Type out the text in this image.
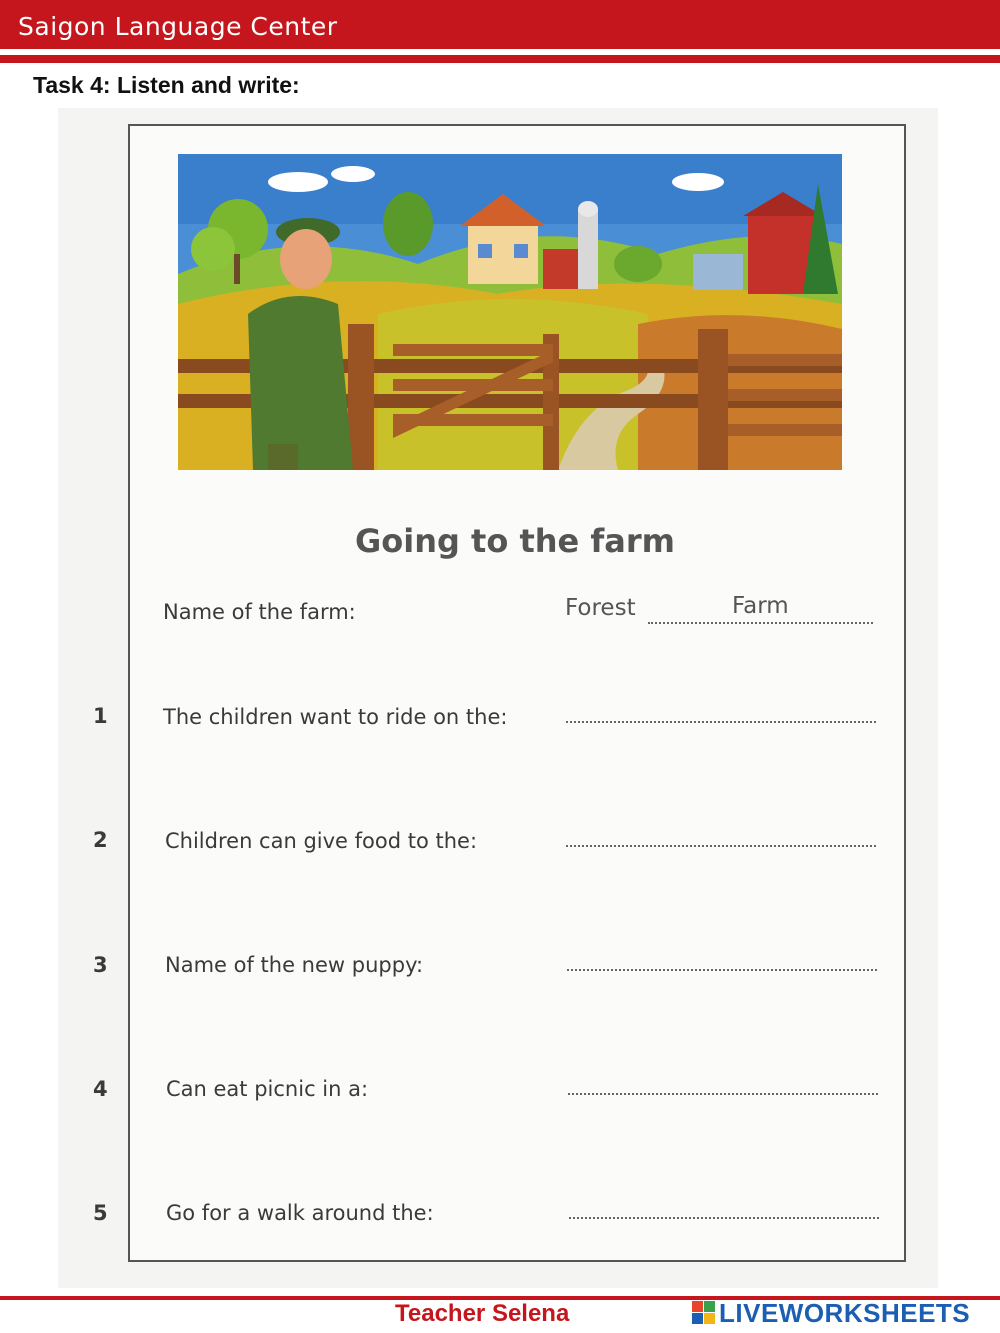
Saigon Language Center
Task 4: Listen and write:
Going to the farm
Name of the farm:	Forest	Farm
1	The children want to ride on the:
2	Children can give food to the:
3	Name of the new puppy:
4	Can eat picnic in a:
5	Go for a walk around the:
Teacher Selena	LIVEWORKSHEETS
